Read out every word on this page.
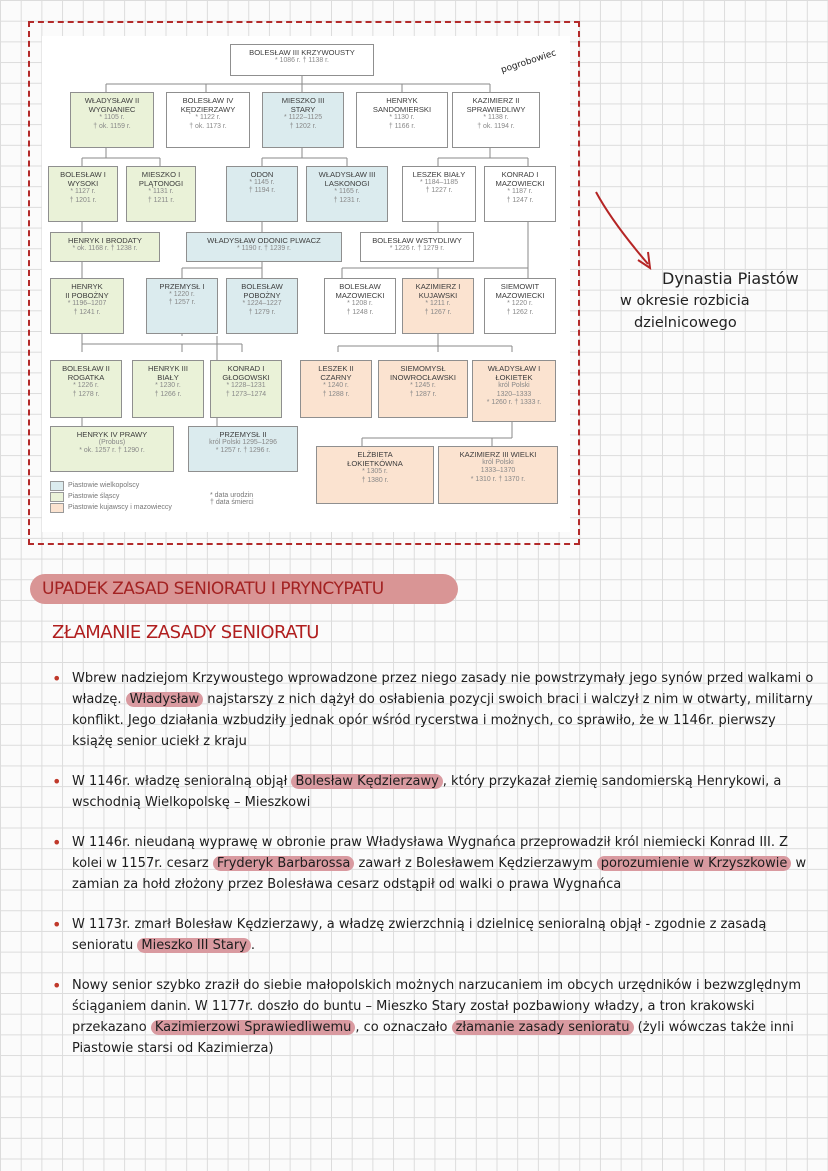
BOLESŁAW III KRZYWOUSTY
* 1086 r. † 1138 r.
WŁADYSŁAW II
WYGNANIEC
* 1105 r.
† ok. 1159 r.
BOLESŁAW IV
KĘDZIERZAWY
* 1122 r.
† ok. 1173 r.
MIESZKO III
STARY
* 1122–1125
† 1202 r.
HENRYK
SANDOMIERSKI
* 1130 r.
† 1166 r.
KAZIMIERZ II
SPRAWIEDLIWY
* 1138 r.
† ok. 1194 r.
BOLESŁAW I
WYSOKI
* 1127 r.
† 1201 r.
MIESZKO I
PLĄTONOGI
* 1131 r.
† 1211 r.
ODON
* 1145 r.
† 1194 r.
WŁADYSŁAW III
LASKONOGI
* 1165 r.
† 1231 r.
LESZEK BIAŁY
* 1184–1185
† 1227 r.
KONRAD I
MAZOWIECKI
* 1187 r.
† 1247 r.
HENRYK I BRODATY
* ok. 1168 r. † 1238 r.
WŁADYSŁAW ODONIC PLWACZ
* 1190 r. † 1239 r.
BOLESŁAW WSTYDLIWY
* 1226 r. † 1279 r.
HENRYK
II POBOŻNY
* 1196–1207
† 1241 r.
PRZEMYSŁ I
* 1220 r.
† 1257 r.
BOLESŁAW
POBOŻNY
* 1224–1227
† 1279 r.
BOLESŁAW
MAZOWIECKI
* 1208 r.
† 1248 r.
KAZIMIERZ I
KUJAWSKI
* 1211 r.
† 1267 r.
SIEMOWIT
MAZOWIECKI
* 1220 r.
† 1262 r.
BOLESŁAW II
ROGATKA
* 1226 r.
† 1278 r.
HENRYK III
BIAŁY
* 1230 r.
† 1266 r.
KONRAD I
GŁOGOWSKI
* 1228–1231
† 1273–1274
LESZEK II
CZARNY
* 1240 r.
† 1288 r.
SIEMOMYSŁ
INOWROCŁAWSKI
* 1245 r.
† 1287 r.
WŁADYSŁAW I
ŁOKIETEK
król Polski
1320–1333
* 1260 r. † 1333 r.
HENRYK IV PRAWY
(Probus)
* ok. 1257 r. † 1290 r.
PRZEMYSŁ II
król Polski 1295–1296
* 1257 r. † 1296 r.	ELŻBIETA
ŁOKIETKÓWNA
* 1305 r.
† 1380 r.
KAZIMIERZ III WIELKI
król Polski
1333–1370
* 1310 r. † 1370 r.
Piastowie wielkopolscy
Piastowie śląscy
Piastowie kujawscy i mazowieccy
* data urodzin
† data śmierci
pogrobowiec
Dynastia Piastów
w okresie rozbicia
dzielnicowego
UPADEK ZASAD SENIORATU I PRYNCYPATU
ZŁAMANIE ZASADY SENIORATU
• Wbrew nadziejom Krzywoustego wprowadzone przez niego zasady nie powstrzymały jego synów przed walkami o władzę. Władysław najstarszy z nich dążył do osłabienia pozycji swoich braci i walczył z nim w otwarty, militarny konflikt. Jego działania wzbudziły jednak opór wśród rycerstwa i możnych, co sprawiło, że w 1146r. pierwszy książę senior uciekł z kraju
• W 1146r. władzę senioralną objął Bolesław Kędzierzawy , który przykazał ziemię sandomierską Henrykowi, a wschodnią Wielkopolskę – Mieszkowi
• W 1146r. nieudaną wyprawę w obronie praw Władysława Wygnańca przeprowadził król niemiecki Konrad III. Z kolei w 1157r. cesarz Fryderyk Barbarossa zawarł z Bolesławem Kędzierzawym porozumienie w Krzyszkowie w zamian za hołd złożony przez Bolesława cesarz odstąpił od walki o prawa Wygnańca
• W 1173r. zmarł Bolesław Kędzierzawy, a władzę zwierzchnią i dzielnicę senioralną objął - zgodnie z zasadą senioratu Mieszko III Stary .
• Nowy senior szybko zraził do siebie małopolskich możnych narzucaniem im obcych urzędników i bezwzględnym ściąganiem danin. W 1177r. doszło do buntu – Mieszko Stary został pozbawiony władzy, a tron krakowski przekazano Kazimierzowi Sprawiedliwemu , co oznaczało złamanie zasady senioratu (żyli wówczas także inni Piastowie starsi od Kazimierza)
